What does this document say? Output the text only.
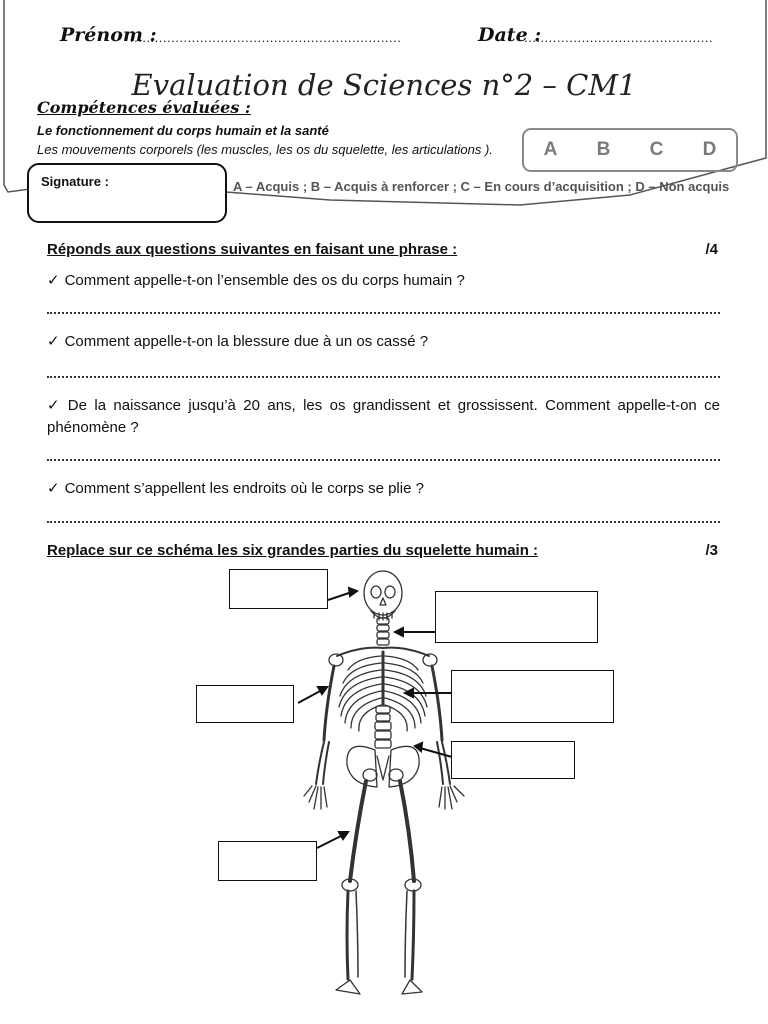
Prénom :
..................................................................	Date :
..............................................
Evaluation de Sciences n°2 – CM1
Compétences évaluées :
Le fonctionnement du corps humain et la santé
Les mouvements corporels (les muscles, les os du squelette, les articulations ).	A B C D
Signature :	A – Acquis ; B – Acquis à renforcer ; C – En cours d’acquisition ; D – Non acquis
Réponds aux questions suivantes en faisant une phrase :	/4
✓ Comment appelle-t-on l’ensemble des os du corps humain ?
✓ Comment appelle-t-on la blessure due à un os cassé ?
✓ De la naissance jusqu’à 20 ans, les os grandissent et grossissent. Comment appelle-t-on ce phénomène ?
✓ Comment s’appellent les endroits où le corps se plie ?
Replace sur ce schéma les six grandes parties du squelette humain :	/3
